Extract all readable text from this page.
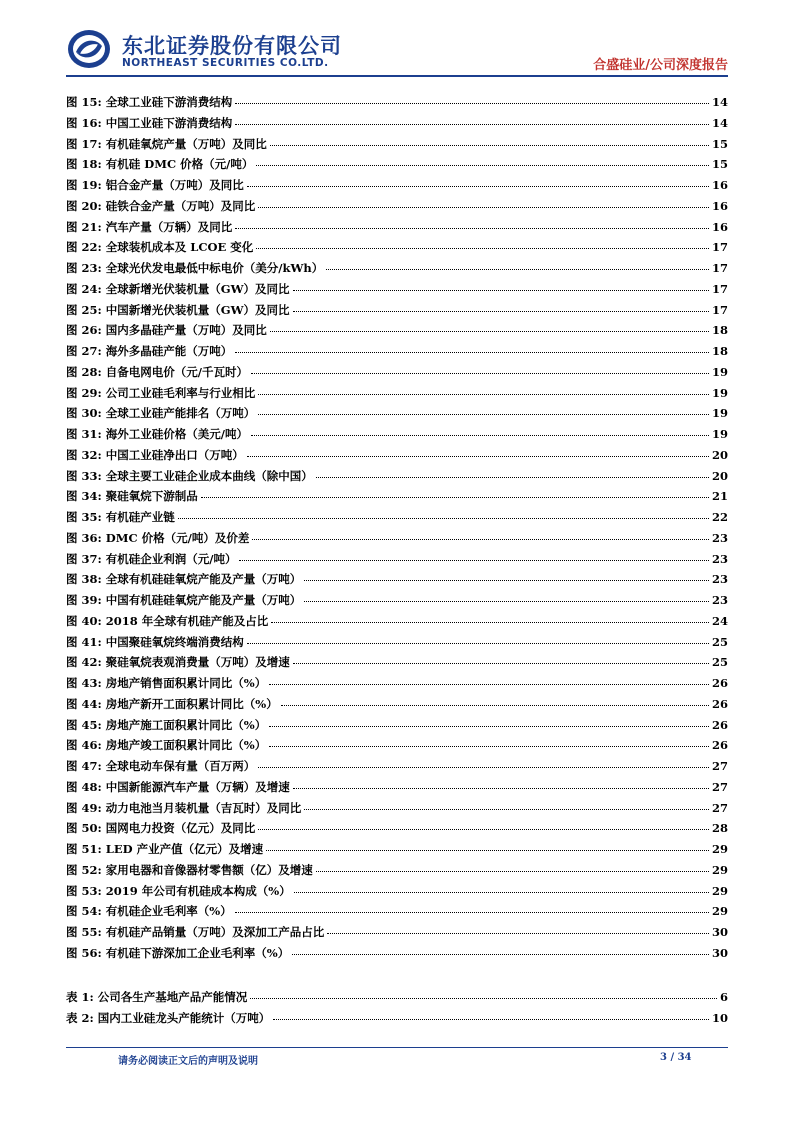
东北证券股份有限公司
NORTHEAST SECURITIES CO.LTD.	合盛硅业/公司深度报告
图 15: 全球工业硅下游消费结构	14
图 16: 中国工业硅下游消费结构	14
图 17: 有机硅氧烷产量（万吨）及同比	15
图 18: 有机硅 DMC 价格（元/吨）	15
图 19: 铝合金产量（万吨）及同比	16
图 20: 硅铁合金产量（万吨）及同比	16
图 21: 汽车产量（万辆）及同比	16
图 22: 全球装机成本及 LCOE 变化	17
图 23: 全球光伏发电最低中标电价（美分/kWh）	17
图 24: 全球新增光伏装机量（GW）及同比	17
图 25: 中国新增光伏装机量（GW）及同比	17
图 26: 国内多晶硅产量（万吨）及同比	18
图 27: 海外多晶硅产能（万吨）	18
图 28: 自备电网电价（元/千瓦时）	19
图 29: 公司工业硅毛利率与行业相比	19
图 30: 全球工业硅产能排名（万吨）	19
图 31: 海外工业硅价格（美元/吨）	19
图 32: 中国工业硅净出口（万吨）	20
图 33: 全球主要工业硅企业成本曲线（除中国）	20
图 34: 聚硅氧烷下游制品	21
图 35: 有机硅产业链	22
图 36: DMC 价格（元/吨）及价差	23
图 37: 有机硅企业利润（元/吨）	23
图 38: 全球有机硅硅氧烷产能及产量（万吨）	23
图 39: 中国有机硅硅氧烷产能及产量（万吨）	23
图 40: 2018 年全球有机硅产能及占比	24
图 41: 中国聚硅氧烷终端消费结构	25
图 42: 聚硅氧烷表观消费量（万吨）及增速	25
图 43: 房地产销售面积累计同比（%）	26
图 44: 房地产新开工面积累计同比（%）	26
图 45: 房地产施工面积累计同比（%）	26
图 46: 房地产竣工面积累计同比（%）	26
图 47: 全球电动车保有量（百万两）	27
图 48: 中国新能源汽车产量（万辆）及增速	27
图 49: 动力电池当月装机量（吉瓦时）及同比	27
图 50: 国网电力投资（亿元）及同比	28
图 51: LED 产业产值（亿元）及增速	29
图 52: 家用电器和音像器材零售额（亿）及增速	29
图 53: 2019 年公司有机硅成本构成（%）	29
图 54: 有机硅企业毛利率（%）	29
图 55: 有机硅产品销量（万吨）及深加工产品占比	30
图 56: 有机硅下游深加工企业毛利率（%）	30
表 1: 公司各生产基地产品产能情况	6
表 2: 国内工业硅龙头产能统计（万吨）	10
请务必阅读正文后的声明及说明	3 / 34
